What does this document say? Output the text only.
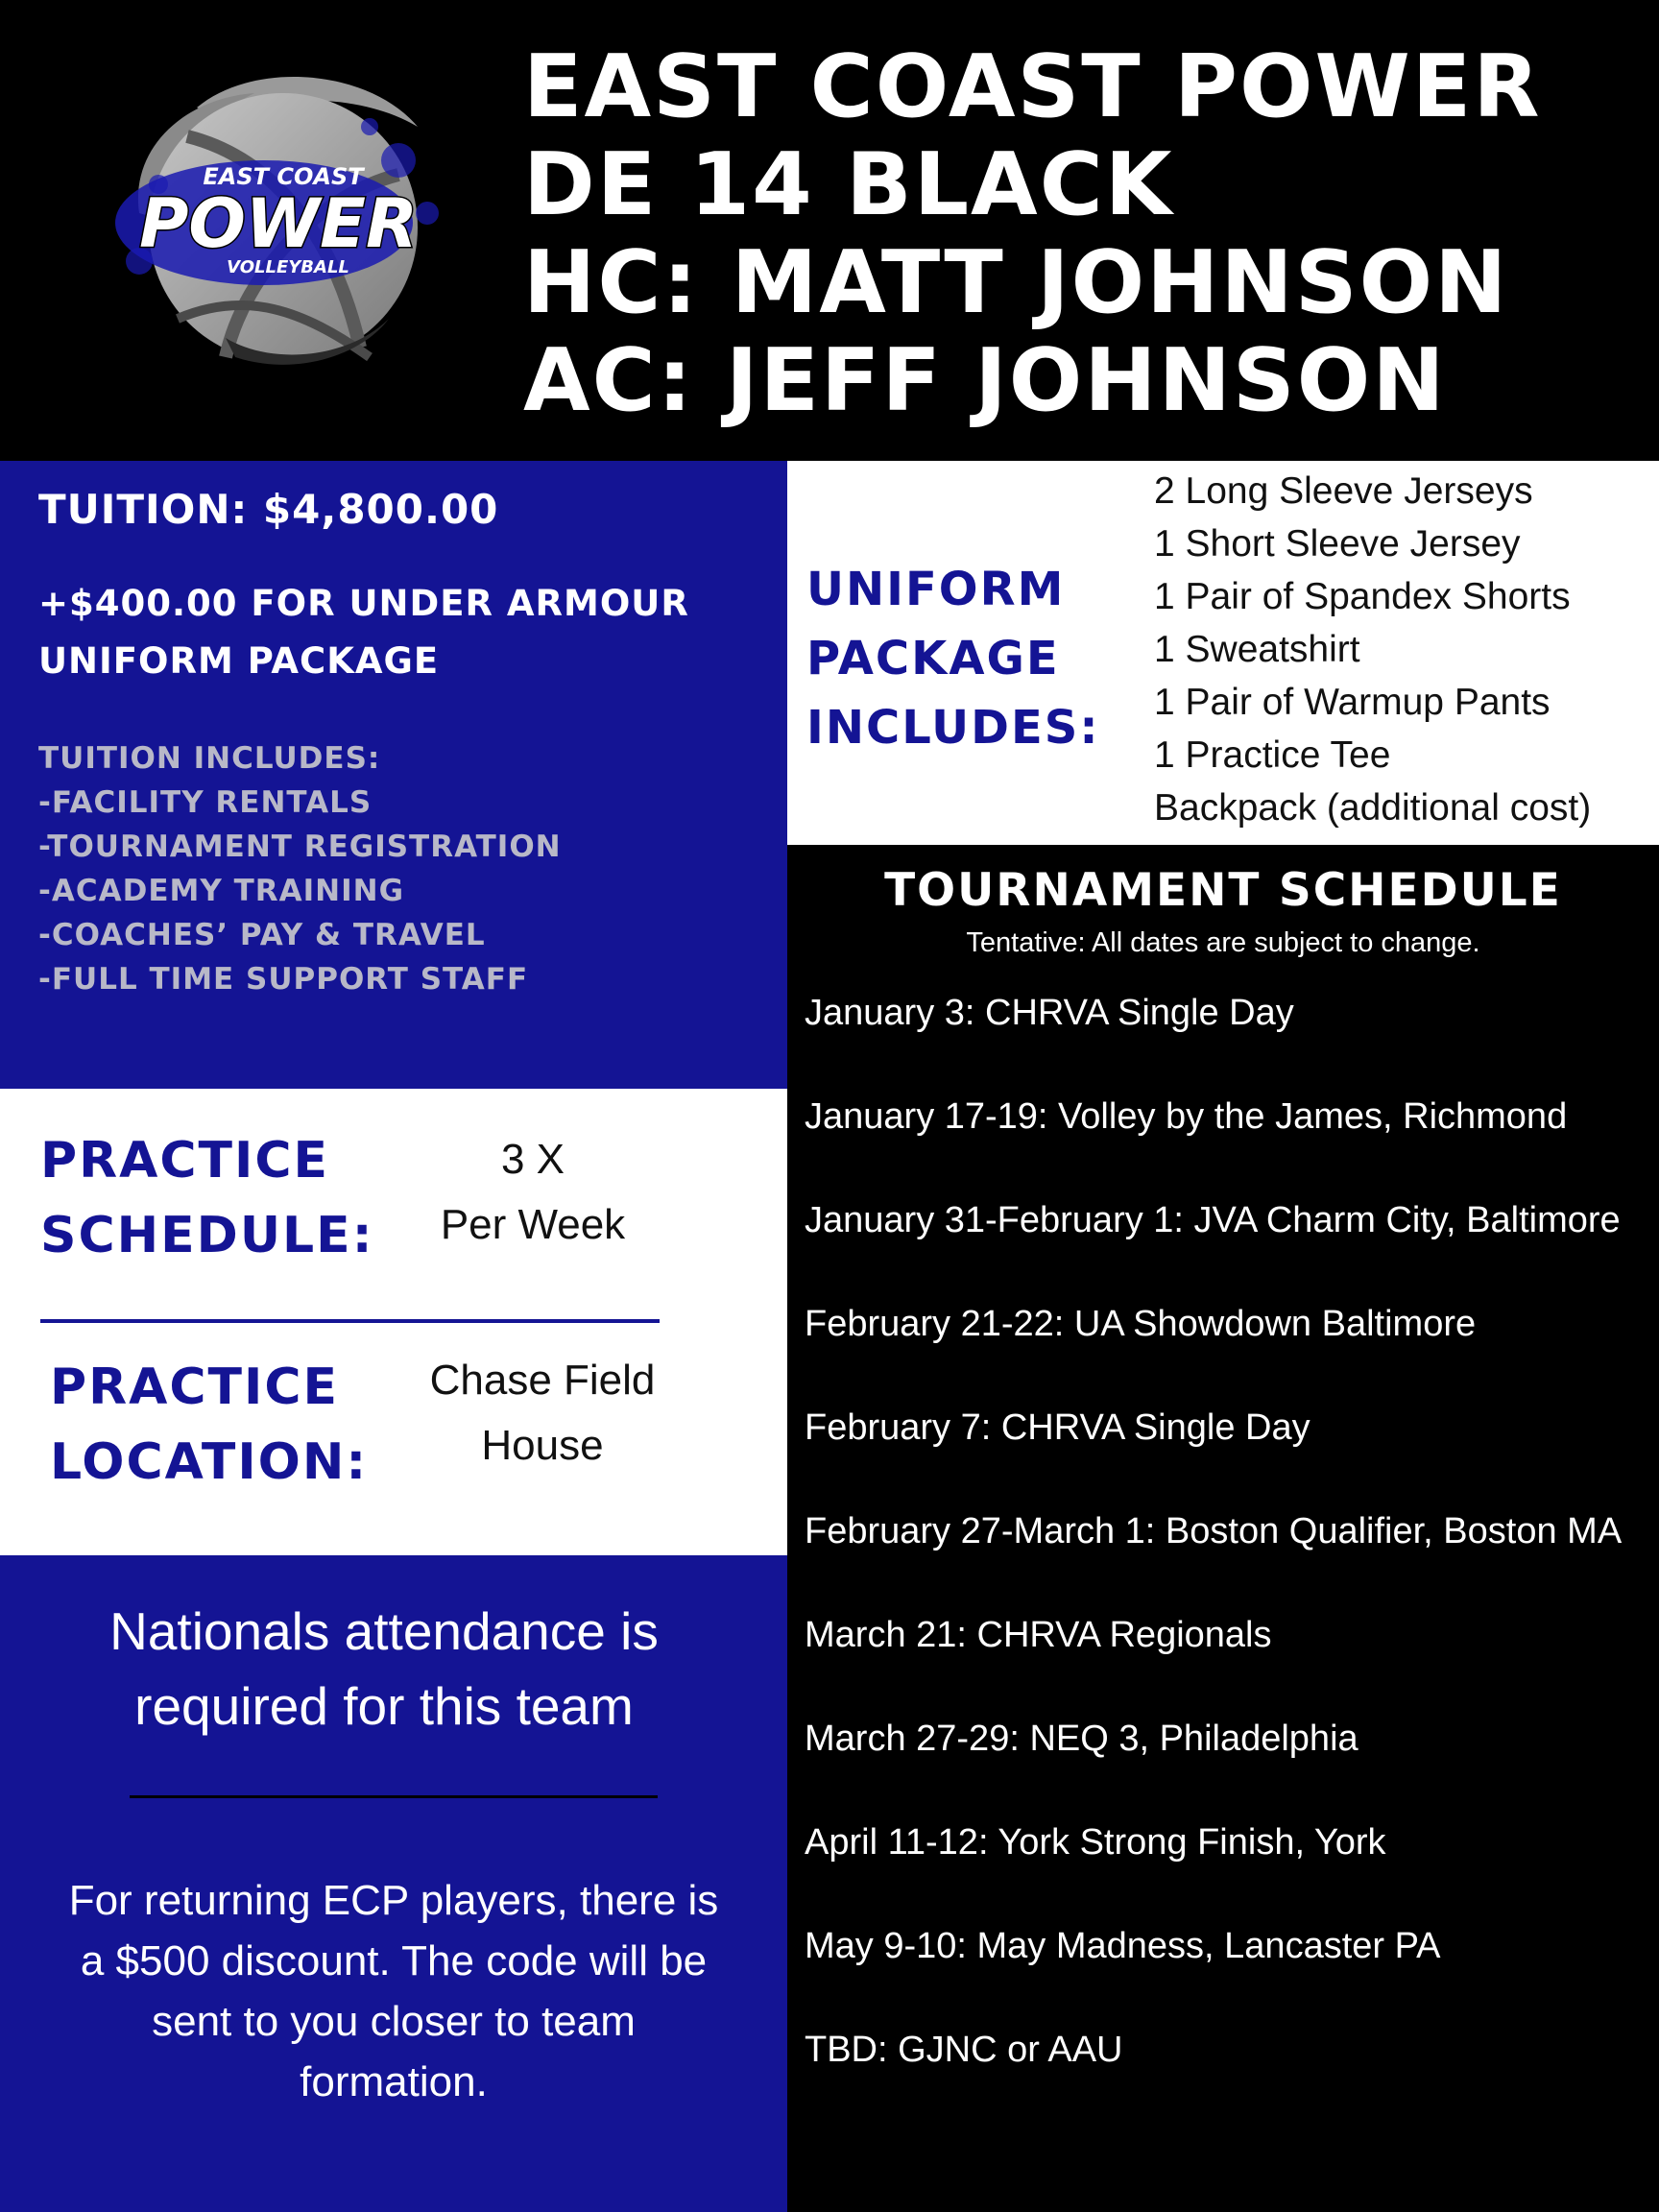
EAST COAST
POWER
VOLLEYBALL
EAST COAST POWER
DE 14 BLACK
HC: MATT JOHNSON
AC: JEFF JOHNSON

TUITION: $4,800.00

+$400.00 FOR UNDER ARMOUR
UNIFORM PACKAGE

TUITION INCLUDES:
-FACILITY RENTALS
-TOURNAMENT REGISTRATION
-ACADEMY TRAINING
-COACHES’ PAY & TRAVEL
-FULL TIME SUPPORT STAFF
UNIFORM
PACKAGE
INCLUDES:
2 Long Sleeve Jerseys
1 Short Sleeve Jersey
1 Pair of Spandex Shorts
1 Sweatshirt
1 Pair of Warmup Pants
1 Practice Tee
Backpack (additional cost)
PRACTICE
SCHEDULE:
3 X
Per Week
PRACTICE
LOCATION:
Chase Field
House

Nationals attendance is
required for this team

For returning ECP players, there is
a $500 discount. The code will be
sent to you closer to team
formation.

TOURNAMENT SCHEDULE

Tentative: All dates are subject to change.

January 3: CHRVA Single Day
January 17-19: Volley by the James, Richmond
January 31-February 1: JVA Charm City, Baltimore
February 21-22: UA Showdown Baltimore
February 7: CHRVA Single Day
February 27-March 1: Boston Qualifier, Boston MA
March 21: CHRVA Regionals
March 27-29: NEQ 3, Philadelphia
April 11-12: York Strong Finish, York
May 9-10: May Madness, Lancaster PA
TBD: GJNC or AAU
